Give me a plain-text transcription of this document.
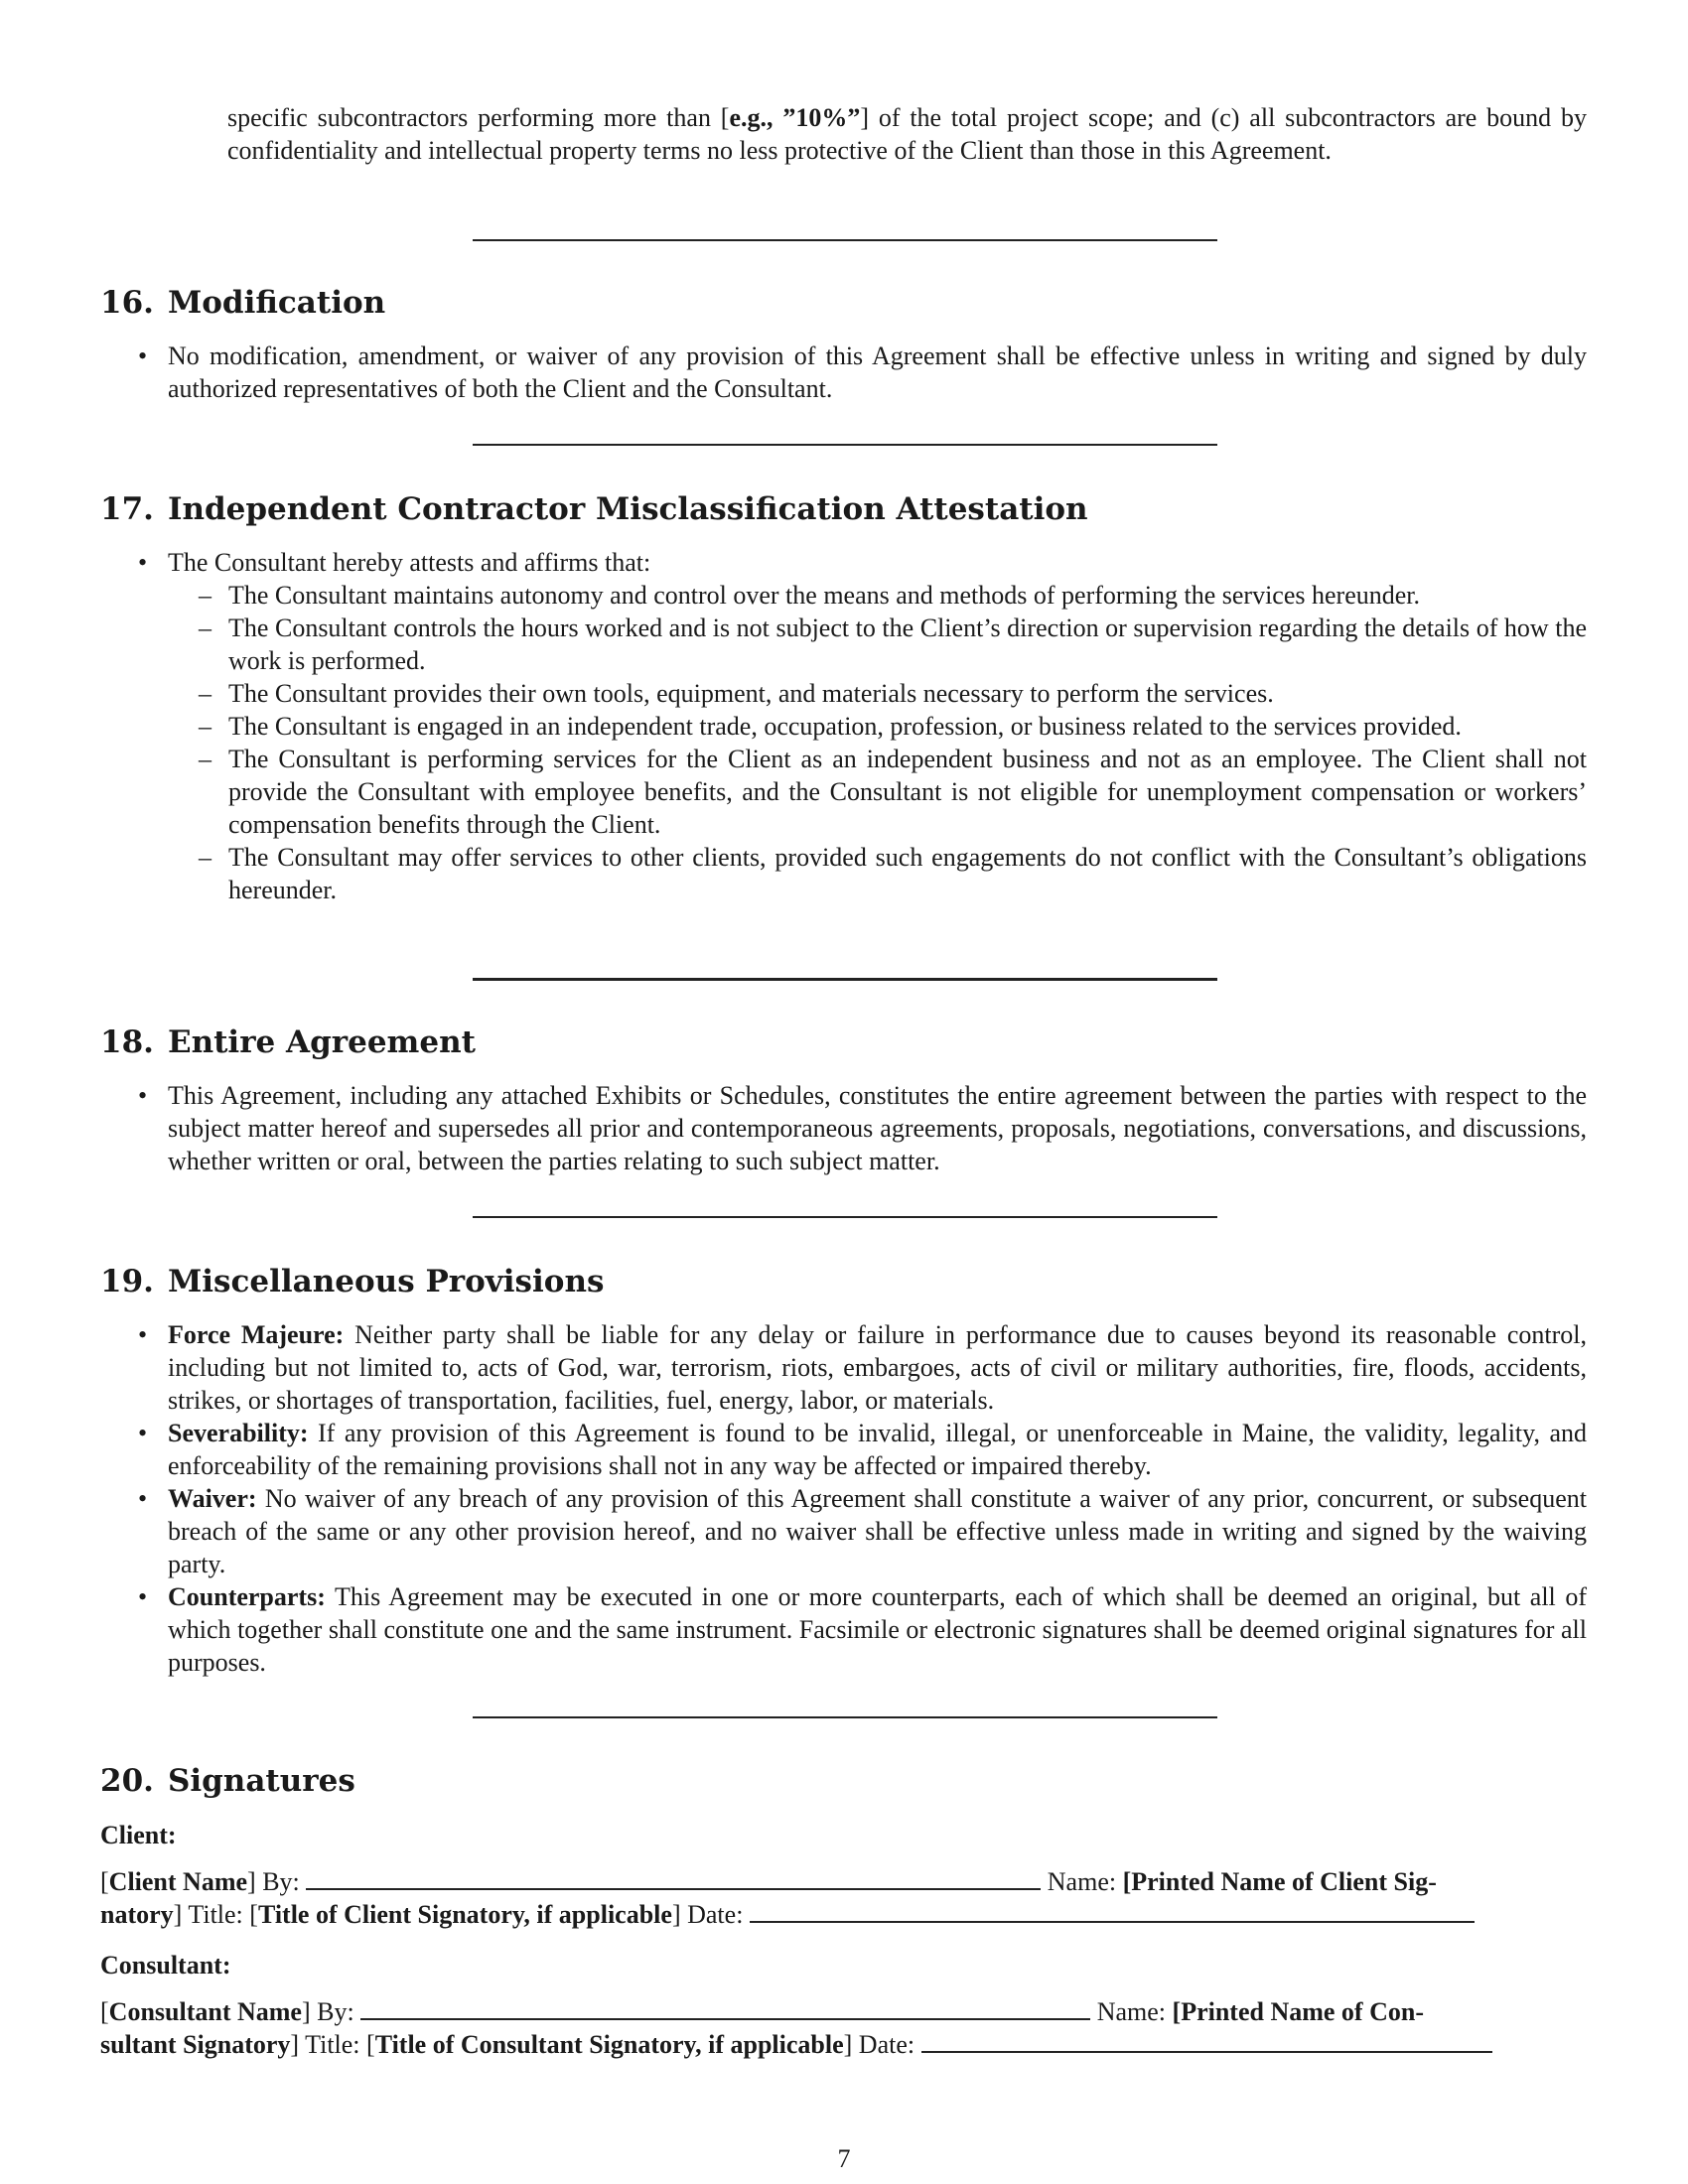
specific subcontractors performing more than [e.g., ”10%”] of the total project scope; and (c) all subcontractors are bound by confidentiality and intellectual property terms no less protective of the Client than those in this Agreement.
16. Modification
• No modification, amendment, or waiver of any provision of this Agreement shall be effective unless in writing and signed by duly authorized representatives of both the Client and the Consultant.
17. Independent Contractor Misclassification Attestation
• The Consultant hereby attests and affirms that:
– The Consultant maintains autonomy and control over the means and methods of performing the services hereunder.
– The Consultant controls the hours worked and is not subject to the Client’s direction or supervision regarding the details of how the work is performed.
– The Consultant provides their own tools, equipment, and materials necessary to perform the services.
– The Consultant is engaged in an independent trade, occupation, profession, or business related to the services provided.
– The Consultant is performing services for the Client as an independent business and not as an employee. The Client shall not provide the Consultant with employee benefits, and the Consultant is not eligible for unemployment compensation or workers’ compensation benefits through the Client.
– The Consultant may offer services to other clients, provided such engagements do not conflict with the Consultant’s obligations hereunder.
18. Entire Agreement
• This Agreement, including any attached Exhibits or Schedules, constitutes the entire agreement between the parties with respect to the subject matter hereof and supersedes all prior and contemporaneous agreements, proposals, negotiations, conversations, and discussions, whether written or oral, between the parties relating to such subject matter.
19. Miscellaneous Provisions
• Force Majeure: Neither party shall be liable for any delay or failure in performance due to causes beyond its reasonable control, including but not limited to, acts of God, war, terrorism, riots, embargoes, acts of civil or military authorities, fire, floods, accidents, strikes, or shortages of transportation, facilities, fuel, energy, labor, or materials.
• Severability: If any provision of this Agreement is found to be invalid, illegal, or unenforceable in Maine, the validity, legality, and enforceability of the remaining provisions shall not in any way be affected or impaired thereby.
• Waiver: No waiver of any breach of any provision of this Agreement shall constitute a waiver of any prior, concurrent, or subsequent breach of the same or any other provision hereof, and no waiver shall be effective unless made in writing and signed by the waiving party.
• Counterparts: This Agreement may be executed in one or more counterparts, each of which shall be deemed an original, but all of which together shall constitute one and the same instrument. Facsimile or electronic signatures shall be deemed original signatures for all purposes.
20. Signatures
Client:
[Client Name] By:	Name: [Printed Name of Client Sig-
natory] Title: [Title of Client Signatory, if applicable] Date:
Consultant:
[Consultant Name] By:	Name: [Printed Name of Con-
sultant Signatory] Title: [Title of Consultant Signatory, if applicable] Date:
7
